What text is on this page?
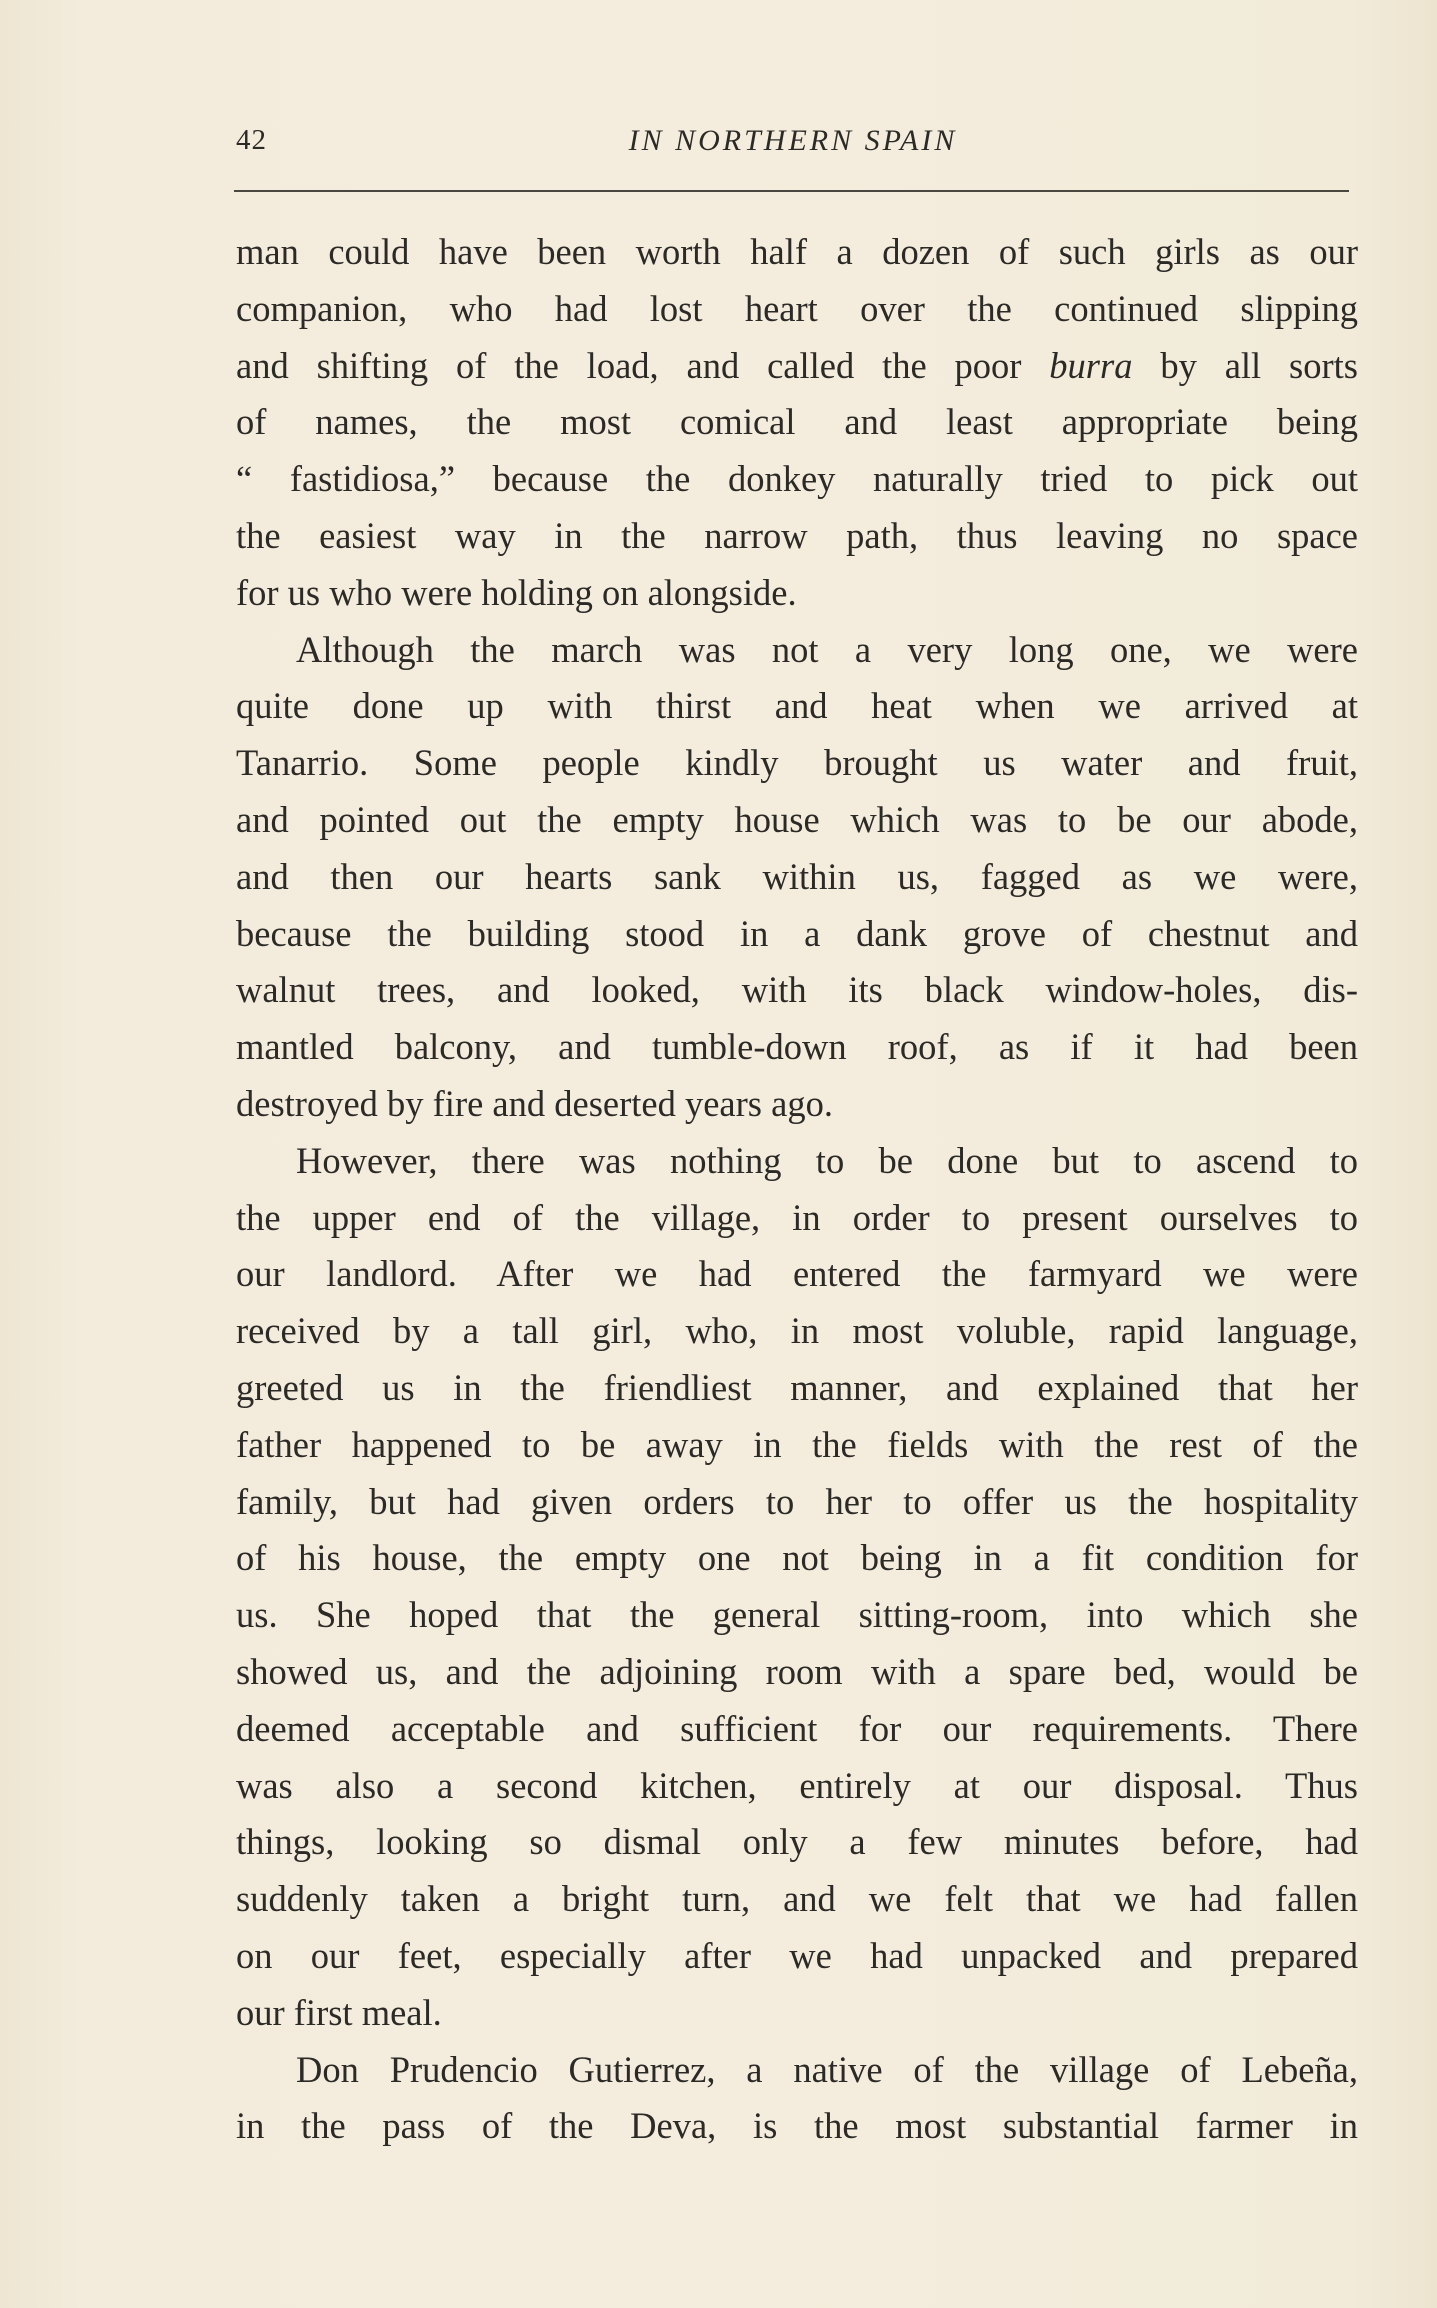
42	IN NORTHERN SPAIN
man could have been worth half a dozen of such girls as our
companion, who had lost heart over the continued slipping
and shifting of the load, and called the poor burra by all sorts
of names, the most comical and least appropriate being
“ fastidiosa,” because the donkey naturally tried to pick out
the easiest way in the narrow path, thus leaving no space
for us who were holding on alongside.
Although the march was not a very long one, we were
quite done up with thirst and heat when we arrived at
Tanarrio. Some people kindly brought us water and fruit,
and pointed out the empty house which was to be our abode,
and then our hearts sank within us, fagged as we were,
because the building stood in a dank grove of chestnut and
walnut trees, and looked, with its black window-holes, dis-
mantled balcony, and tumble-down roof, as if it had been
destroyed by fire and deserted years ago.
However, there was nothing to be done but to ascend to
the upper end of the village, in order to present ourselves to
our landlord. After we had entered the farmyard we were
received by a tall girl, who, in most voluble, rapid language,
greeted us in the friendliest manner, and explained that her
father happened to be away in the fields with the rest of the
family, but had given orders to her to offer us the hospitality
of his house, the empty one not being in a fit condition for
us. She hoped that the general sitting-room, into which she
showed us, and the adjoining room with a spare bed, would be
deemed acceptable and sufficient for our requirements. There
was also a second kitchen, entirely at our disposal. Thus
things, looking so dismal only a few minutes before, had
suddenly taken a bright turn, and we felt that we had fallen
on our feet, especially after we had unpacked and prepared
our first meal.
Don Prudencio Gutierrez, a native of the village of Lebeña,
in the pass of the Deva, is the most substantial farmer in
